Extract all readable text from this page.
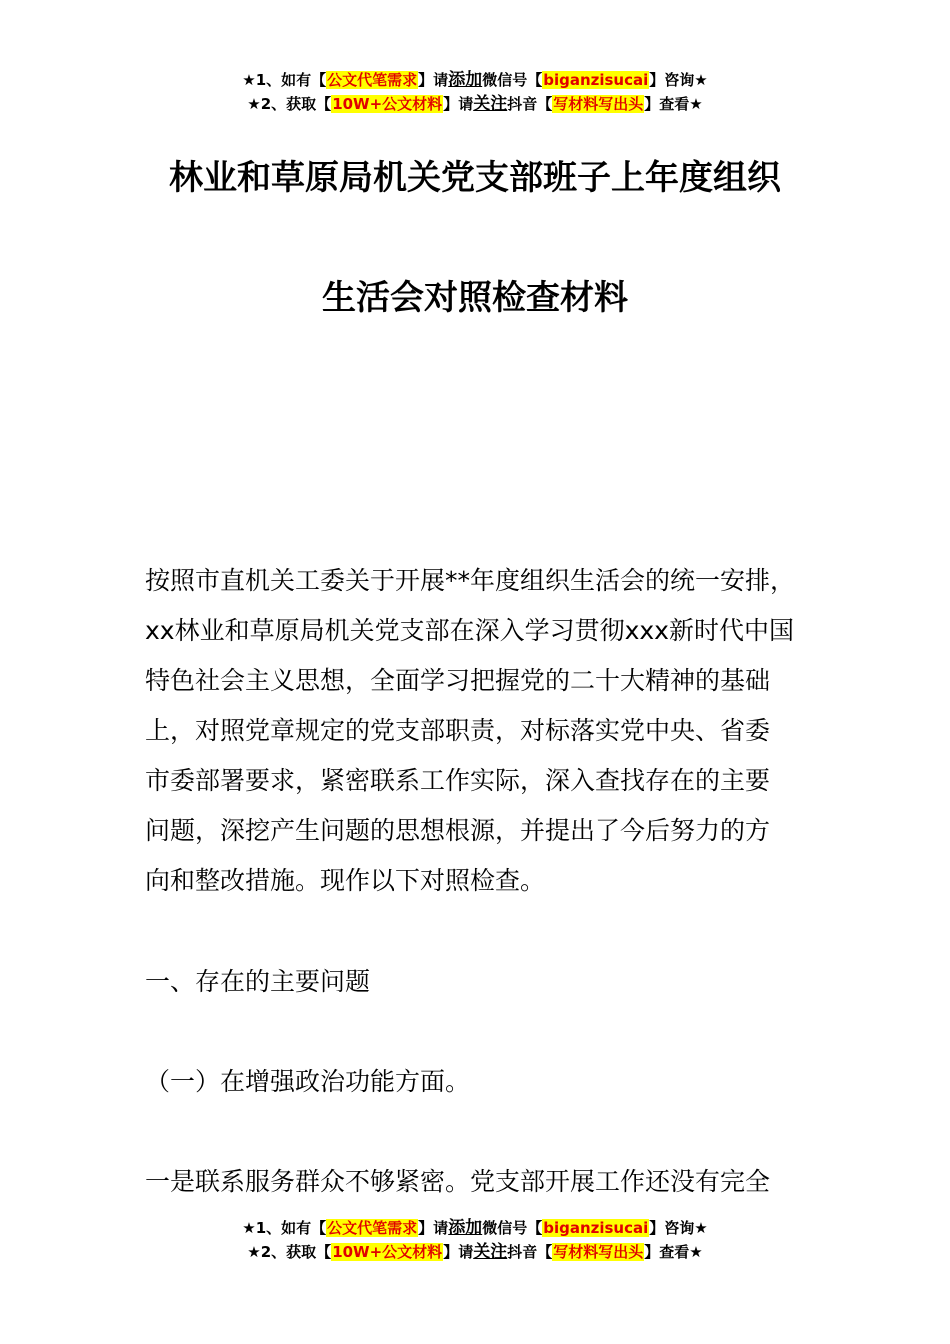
★1、如有【公文代笔需求】请添加微信号【biganzisucai】咨询★
★2、获取【10W+公文材料】请关注抖音【写材料写出头】查看★
林业和草原局机关党支部班子上年度组织
生活会对照检查材料
按照市直机关工委关于开展**年度组织生活会的统一安排，
xx林业和草原局机关党支部在深入学习贯彻xxx新时代中国
特色社会主义思想，全面学习把握党的二十大精神的基础
上，对照党章规定的党支部职责，对标落实党中央、省委
市委部署要求，紧密联系工作实际，深入查找存在的主要
问题，深挖产生问题的思想根源，并提出了今后努力的方
向和整改措施。现作以下对照检查。
一、存在的主要问题
（一）在增强政治功能方面。
一是联系服务群众不够紧密。党支部开展工作还没有完全
★1、如有【公文代笔需求】请添加微信号【biganzisucai】咨询★
★2、获取【10W+公文材料】请关注抖音【写材料写出头】查看★
